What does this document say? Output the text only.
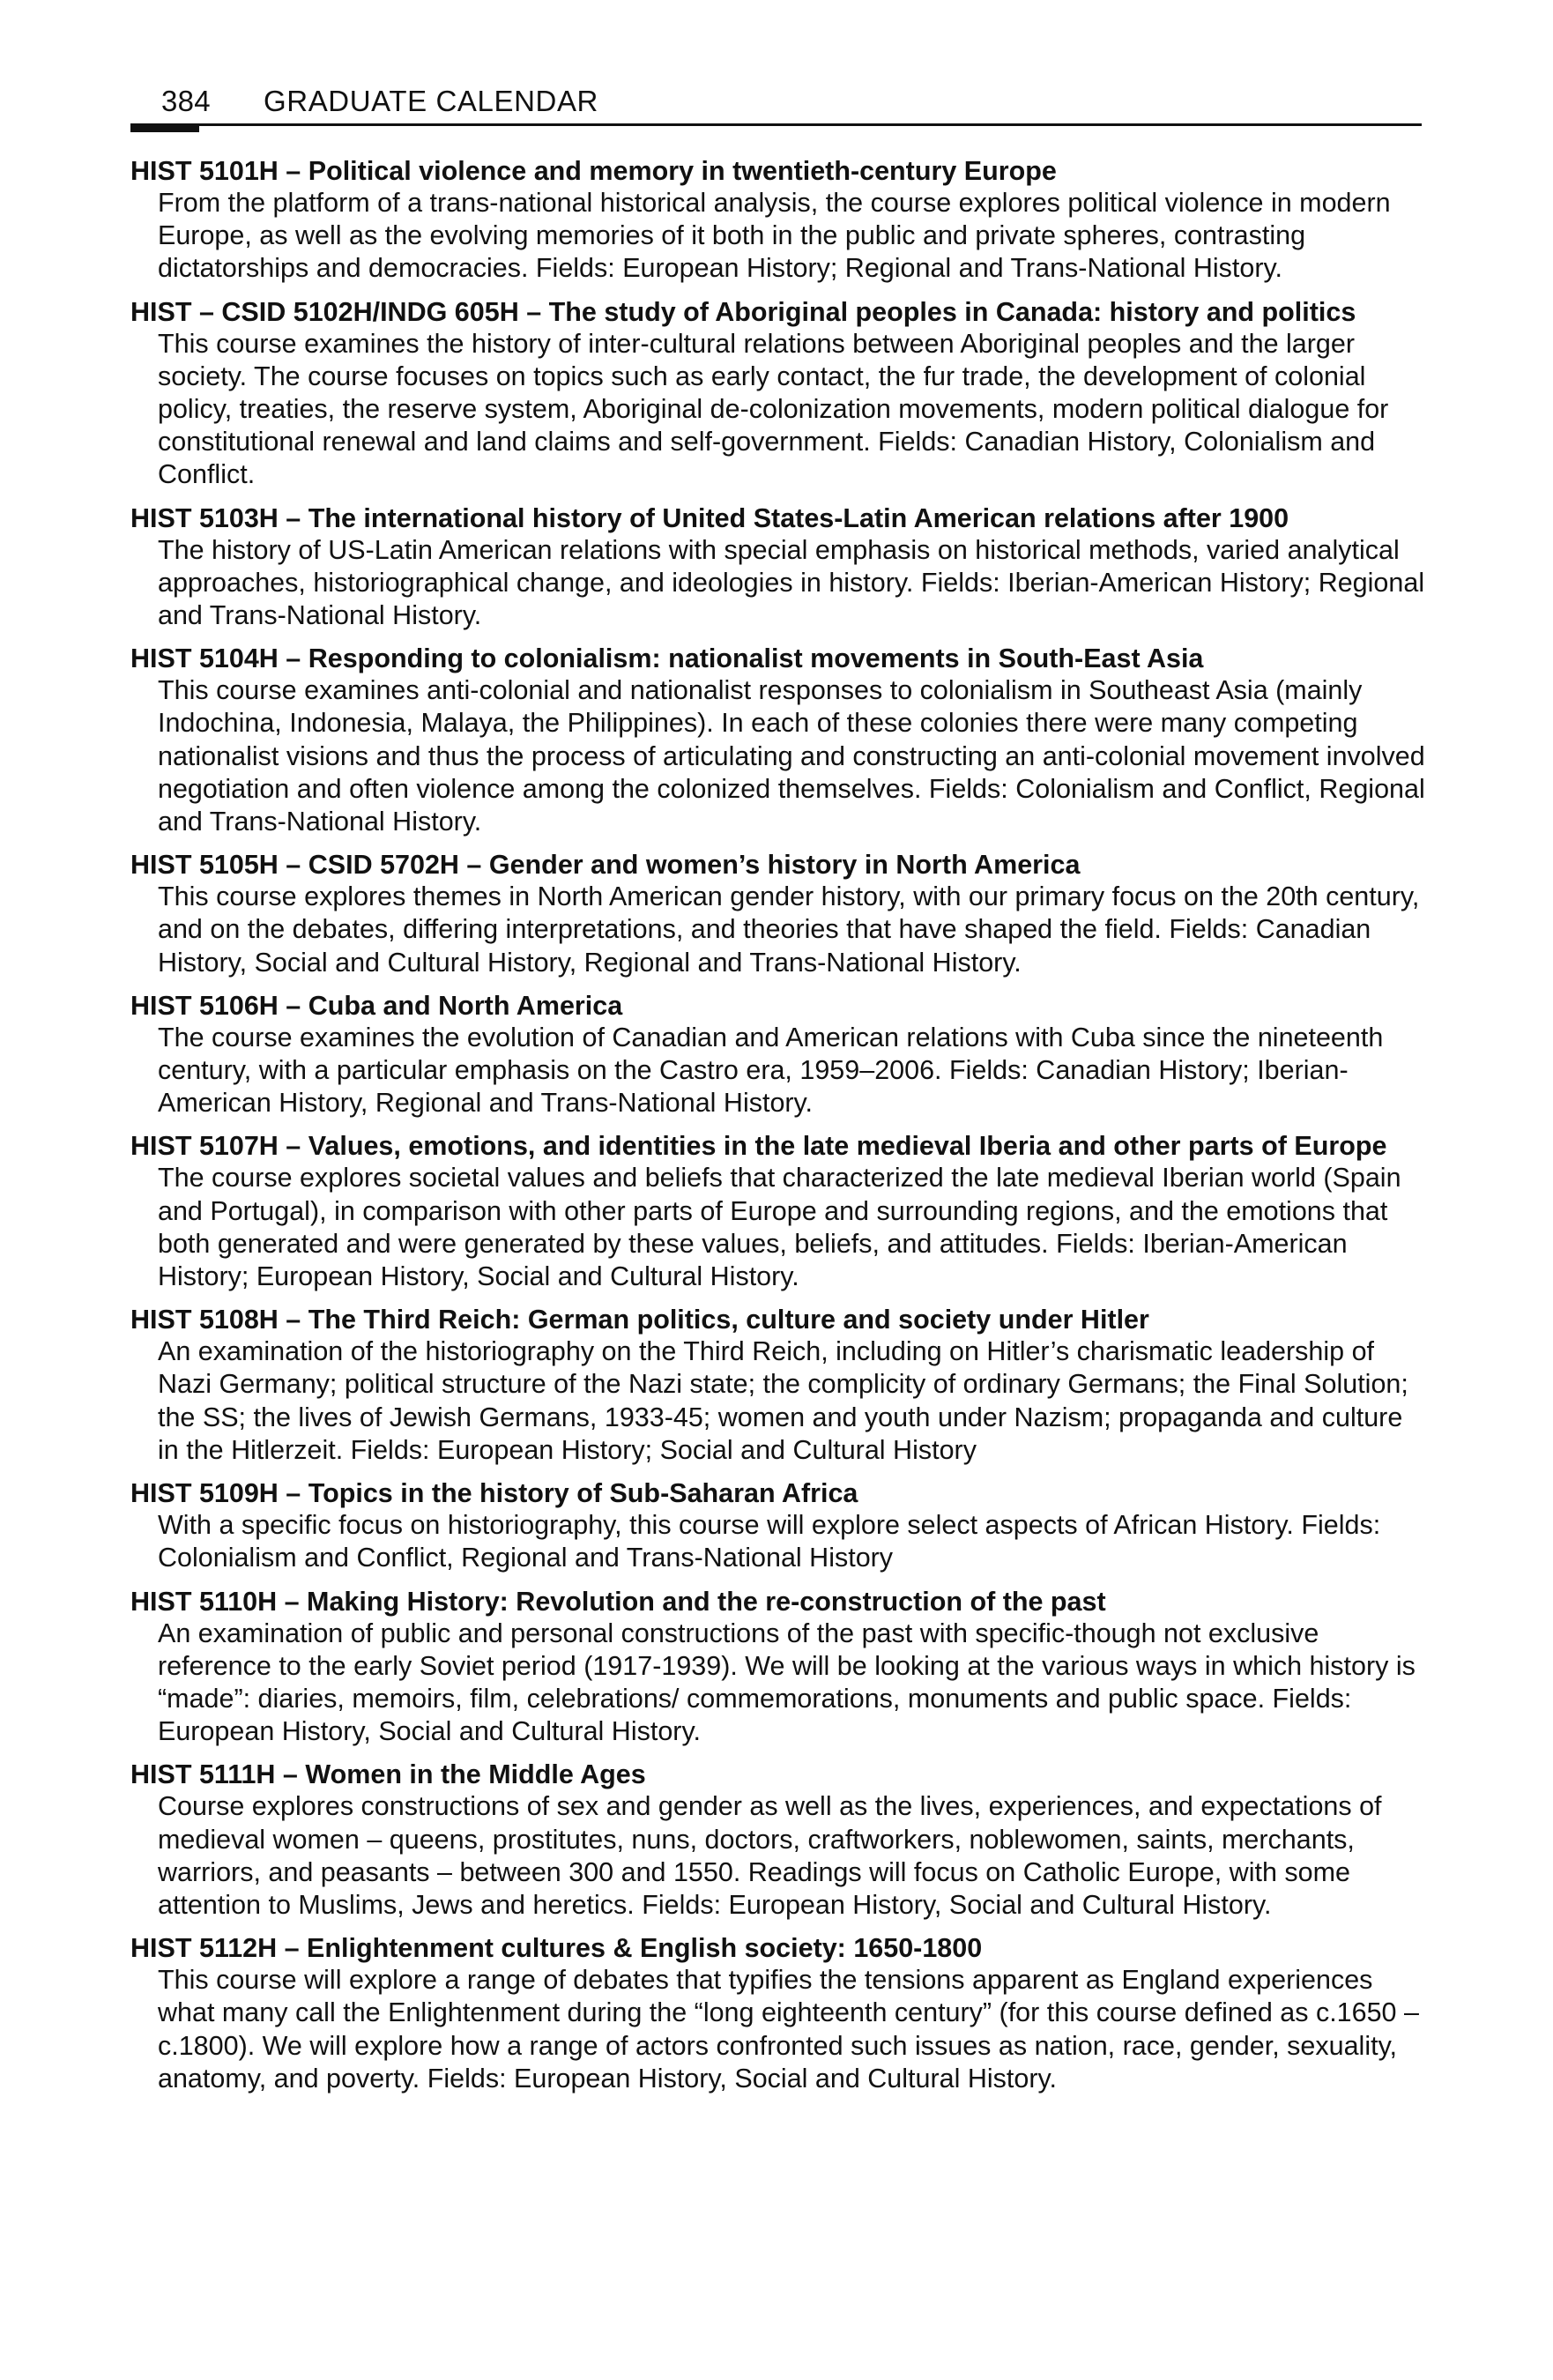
384 GRADUATE CALENDAR
HIST 5101H – Political violence and memory in twentieth-century Europe
From the platform of a trans-national historical analysis, the course explores political violence in modern Europe, as well as the evolving memories of it both in the public and private spheres, contrasting dictatorships and democracies. Fields: European History; Regional and Trans-National History.
HIST – CSID 5102H/INDG 605H – The study of Aboriginal peoples in Canada: history and politics
This course examines the history of inter-cultural relations between Aboriginal peoples and the larger society. The course focuses on topics such as early contact, the fur trade, the development of colonial policy, treaties, the reserve system, Aboriginal de-colonization movements, modern political dialogue for constitutional renewal and land claims and self-government. Fields: Canadian History, Colonialism and Conflict.
HIST 5103H – The international history of United States-Latin American relations after 1900
The history of US-Latin American relations with special emphasis on historical methods, varied analytical approaches, historiographical change, and ideologies in history. Fields: Iberian-American History; Regional and Trans-National History.
HIST 5104H – Responding to colonialism: nationalist movements in South-East Asia
This course examines anti-colonial and nationalist responses to colonialism in Southeast Asia (mainly Indochina, Indonesia, Malaya, the Philippines). In each of these colonies there were many competing nationalist visions and thus the process of articulating and constructing an anti-colonial movement involved negotiation and often violence among the colonized themselves. Fields: Colonialism and Conflict, Regional and Trans-National History.
HIST 5105H – CSID 5702H – Gender and women’s history in North America
This course explores themes in North American gender history, with our primary focus on the 20th century, and on the debates, differing interpretations, and theories that have shaped the field. Fields: Canadian History, Social and Cultural History, Regional and Trans-National History.
HIST 5106H – Cuba and North America
The course examines the evolution of Canadian and American relations with Cuba since the nineteenth century, with a particular emphasis on the Castro era, 1959–2006. Fields: Canadian History; Iberian-American History, Regional and Trans-National History.
HIST 5107H – Values, emotions, and identities in the late medieval Iberia and other parts of Europe
The course explores societal values and beliefs that characterized the late medieval Iberian world (Spain and Portugal), in comparison with other parts of Europe and surrounding regions, and the emotions that both generated and were generated by these values, beliefs, and attitudes. Fields: Iberian-American History; European History, Social and Cultural History.
HIST 5108H – The Third Reich: German politics, culture and society under Hitler
An examination of the historiography on the Third Reich, including on Hitler’s charismatic leadership of Nazi Germany; political structure of the Nazi state; the complicity of ordinary Germans; the Final Solution; the SS; the lives of Jewish Germans, 1933-45; women and youth under Nazism; propaganda and culture in the Hitlerzeit. Fields: European History; Social and Cultural History
HIST 5109H – Topics in the history of Sub-Saharan Africa
With a specific focus on historiography, this course will explore select aspects of African History. Fields: Colonialism and Conflict, Regional and Trans-National History
HIST 5110H – Making History: Revolution and the re-construction of the past
An examination of public and personal constructions of the past with specific-though not exclusive reference to the early Soviet period (1917-1939). We will be looking at the various ways in which history is “made”: diaries, memoirs, film, celebrations/ commemorations, monuments and public space. Fields: European History, Social and Cultural History.
HIST 5111H – Women in the Middle Ages
Course explores constructions of sex and gender as well as the lives, experiences, and expectations of medieval women – queens, prostitutes, nuns, doctors, craftworkers, noblewomen, saints, merchants, warriors, and peasants – between 300 and 1550. Readings will focus on Catholic Europe, with some attention to Muslims, Jews and heretics. Fields: European History, Social and Cultural History.
HIST 5112H – Enlightenment cultures & English society: 1650-1800
This course will explore a range of debates that typifies the tensions apparent as England experiences what many call the Enlightenment during the “long eighteenth century” (for this course defined as c.1650 – c.1800). We will explore how a range of actors confronted such issues as nation, race, gender, sexuality, anatomy, and poverty. Fields: European History, Social and Cultural History.
